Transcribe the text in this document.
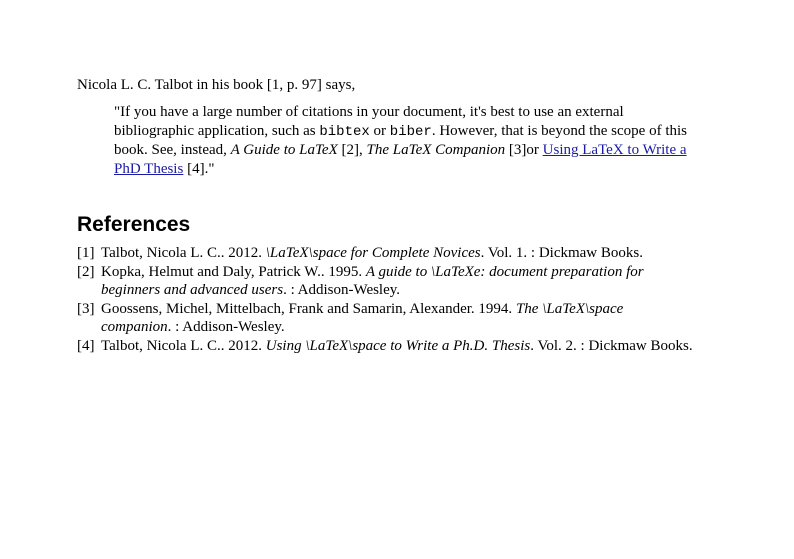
Nicola L. C. Talbot in his book [1, p. 97] says,

"If you have a large number of citations in your document, it's best to use an external bibliographic application, such as bibtex or biber. However, that is beyond the scope of this book. See, instead, A Guide to LaTeX [2], The LaTeX Companion [3]or Using LaTeX to Write a PhD Thesis [4]."
References
[1] Talbot, Nicola L. C.. 2012. \LaTeX\space for Complete Novices. Vol. 1. : Dickmaw Books.
[2] Kopka, Helmut and Daly, Patrick W.. 1995. A guide to \LaTeXe: document preparation for beginners and advanced users. : Addison-Wesley.
[3] Goossens, Michel, Mittelbach, Frank and Samarin, Alexander. 1994. The \LaTeX\space companion. : Addison-Wesley.
[4] Talbot, Nicola L. C.. 2012. Using \LaTeX\space to Write a Ph.D. Thesis. Vol. 2. : Dickmaw Books.
